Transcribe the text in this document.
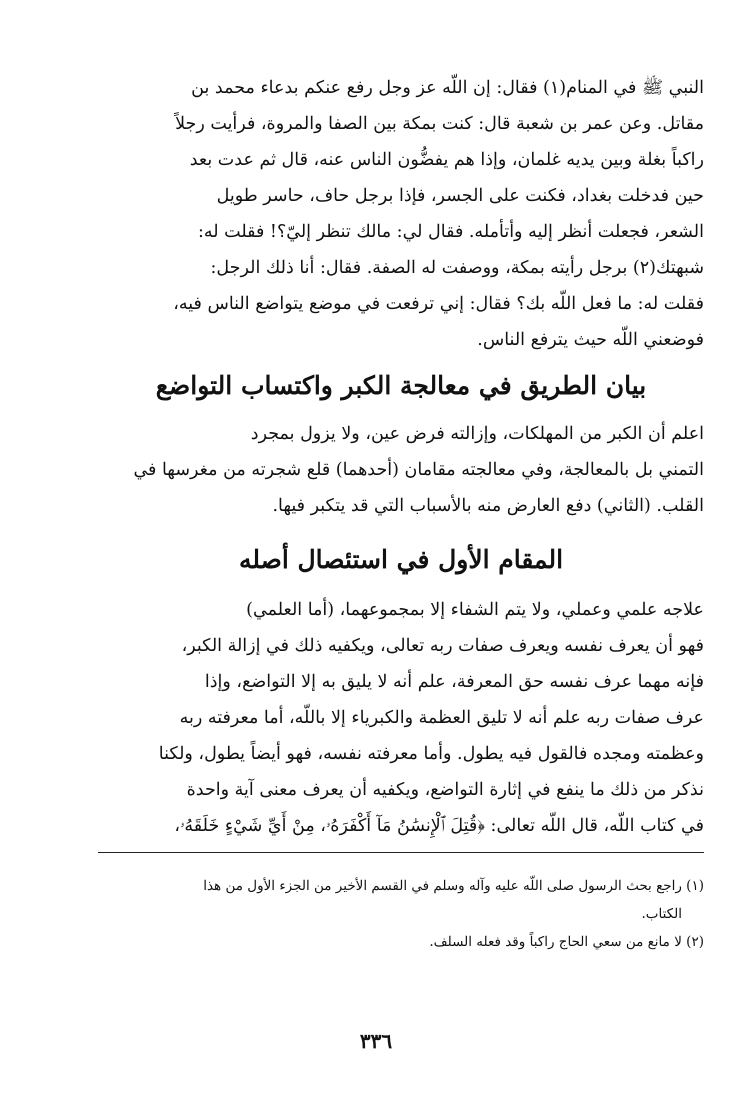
النبي ﷺ في المنام(١) فقال: إن اللّه عز وجل رفع عنكم بدعاء محمد بن
مقاتل. وعن عمر بن شعبة قال: كنت بمكة بين الصفا والمروة، فرأيت رجلاً
راكباً بغلة وبين يديه غلمان، وإذا هم يفضُّون الناس عنه، قال ثم عدت بعد
حين فدخلت بغداد، فكنت على الجسر، فإذا برجل حاف، حاسر طويل
الشعر، فجعلت أنظر إليه وأتأمله. فقال لي: مالك تنظر إليّ؟! فقلت له:
شبهتك(٢) برجل رأيته بمكة، ووصفت له الصفة. فقال: أنا ذلك الرجل:
فقلت له: ما فعل اللّه بك؟ فقال: إني ترفعت في موضع يتواضع الناس فيه،
فوضعني اللّه حيث يترفع الناس.
بيان الطريق في معالجة الكبر واكتساب التواضع
اعلم أن الكبر من المهلكات، وإزالته فرض عين، ولا يزول بمجرد
التمني بل بالمعالجة، وفي معالجته مقامان (أحدهما) قلع شجرته من مغرسها في
القلب. (الثاني) دفع العارض منه بالأسباب التي قد يتكبر فيها.
المقام الأول في استئصال أصله
علاجه علمي وعملي، ولا يتم الشفاء إلا بمجموعهما، (أما العلمي)
فهو أن يعرف نفسه ويعرف صفات ربه تعالى، ويكفيه ذلك في إزالة الكبر،
فإنه مهما عرف نفسه حق المعرفة، علم أنه لا يليق به إلا التواضع، وإذا
عرف صفات ربه علم أنه لا تليق العظمة والكبرياء إلا باللّه، أما معرفته ربه
وعظمته ومجده فالقول فيه يطول. وأما معرفته نفسه، فهو أيضاً يطول، ولكنا
نذكر من ذلك ما ينفع في إثارة التواضع، ويكفيه أن يعرف معنى آية واحدة
في كتاب اللّه، قال اللّه تعالى: ﴿قُتِلَ ٱلْإِنسَٰنُ مَآ أَكْفَرَهُۥ، مِنْ أَيِّ شَيْءٍ خَلَقَهُۥ،
(١) راجع بحث الرسول صلى اللّه عليه وآله وسلم في القسم الأخير من الجزء الأول من هذا
الكتاب.
(٢) لا مانع من سعي الحاج راكباً وقد فعله السلف.
٣٣٦
